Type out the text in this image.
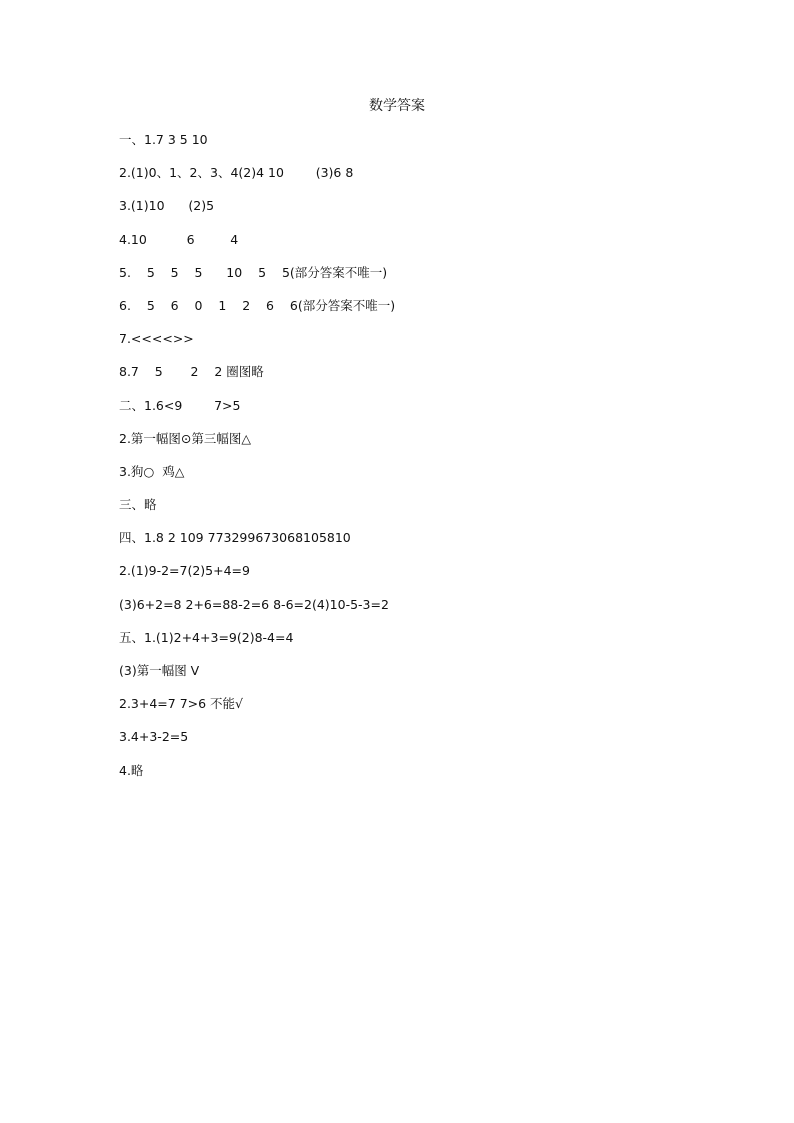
数学答案
一、1.7 3 5 10
2.(1)0、1、2、3、4(2)4 10        (3)6 8
3.(1)10      (2)5
4.10          6         4
5.    5    5    5      10    5    5(部分答案不唯一)
6.    5    6    0    1    2    6    6(部分答案不唯一)
7.<<<<>>
8.7    5       2    2 圈图略
二、1.6<9        7>5
2.第一幅图⊙第三幅图△
3.狗○  鸡△
三、略
四、1.8 2 109 773299673068105810
2.(1)9-2=7(2)5+4=9
(3)6+2=8 2+6=88-2=6 8-6=2(4)10-5-3=2
五、1.(1)2+4+3=9(2)8-4=4
(3)第一幅图 V
2.3+4=7 7>6 不能√
3.4+3-2=5
4.略
